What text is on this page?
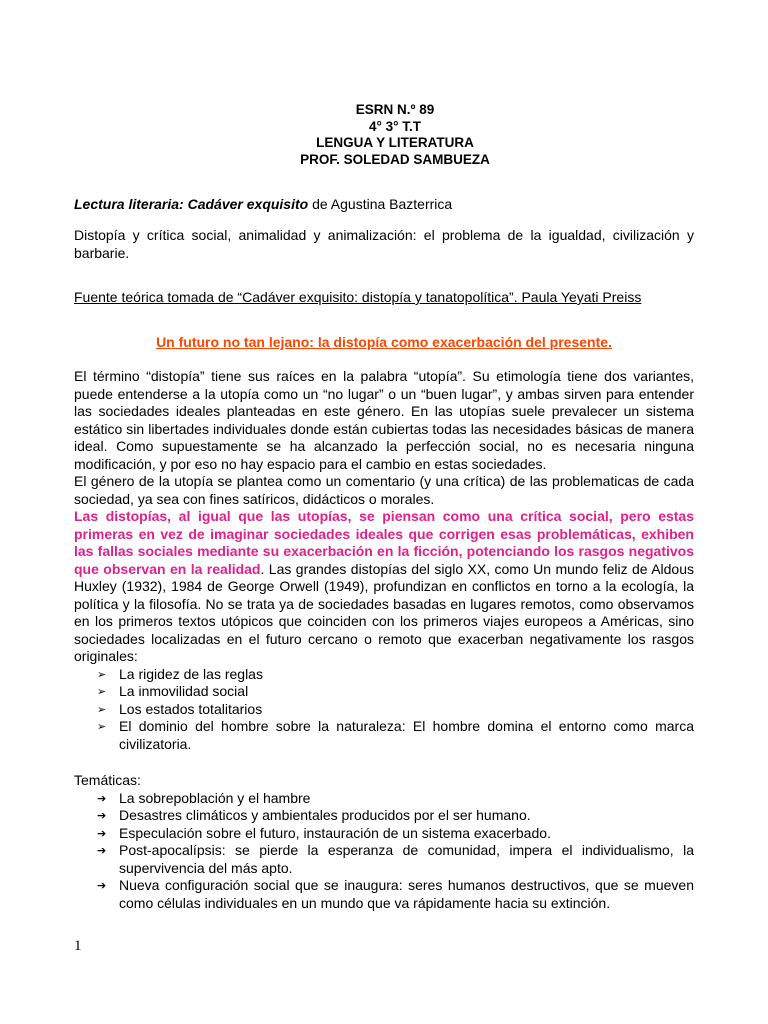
ESRN N.º 89
4° 3° T.T
LENGUA Y LITERATURA
PROF. SOLEDAD SAMBUEZA
Lectura literaria: Cadáver exquisito de Agustina Bazterrica
Distopía y crítica social, animalidad y animalización: el problema de la igualdad, civilización y barbarie.
Fuente teórica tomada de “Cadáver exquisito: distopía y tanatopolítica”. Paula Yeyati Preiss
Un futuro no tan lejano: la distopía como exacerbación del presente.
El término “distopía” tiene sus raíces en la palabra “utopía”. Su etimología tiene dos variantes, puede entenderse a la utopía como un “no lugar” o un “buen lugar”, y ambas sirven para entender las sociedades ideales planteadas en este género. En las utopías suele prevalecer un sistema estático sin libertades individuales donde están cubiertas todas las necesidades básicas de manera ideal. Como supuestamente se ha alcanzado la perfección social, no es necesaria ninguna modificación, y por eso no hay espacio para el cambio en estas sociedades.
El género de la utopía se plantea como un comentario (y una crítica) de las problematicas de cada sociedad, ya sea con fines satíricos, didácticos o morales.
Las distopías, al igual que las utopías, se piensan como una crítica social, pero estas primeras en vez de imaginar sociedades ideales que corrigen esas problemáticas, exhiben las fallas sociales mediante su exacerbación en la ficción, potenciando los rasgos negativos que observan en la realidad. Las grandes distopías del siglo XX, como Un mundo feliz de Aldous Huxley (1932), 1984 de George Orwell (1949), profundizan en conflictos en torno a la ecología, la política y la filosofía. No se trata ya de sociedades basadas en lugares remotos, como observamos en los primeros textos utópicos que coinciden con los primeros viajes europeos a Américas, sino sociedades localizadas en el futuro cercano o remoto que exacerban negativamente los rasgos originales:
➢ La rigidez de las reglas
➢ La inmovilidad social
➢ Los estados totalitarios
➢ El dominio del hombre sobre la naturaleza: El hombre domina el entorno como marca civilizatoria.
Temáticas:
➔ La sobrepoblación y el hambre
➔ Desastres climáticos y ambientales producidos por el ser humano.
➔ Especulación sobre el futuro, instauración de un sistema exacerbado.
➔ Post-apocalípsis: se pierde la esperanza de comunidad, impera el individualismo, la supervivencia del más apto.
➔ Nueva configuración social que se inaugura: seres humanos destructivos, que se mueven como células individuales en un mundo que va rápidamente hacia su extinción.
1
